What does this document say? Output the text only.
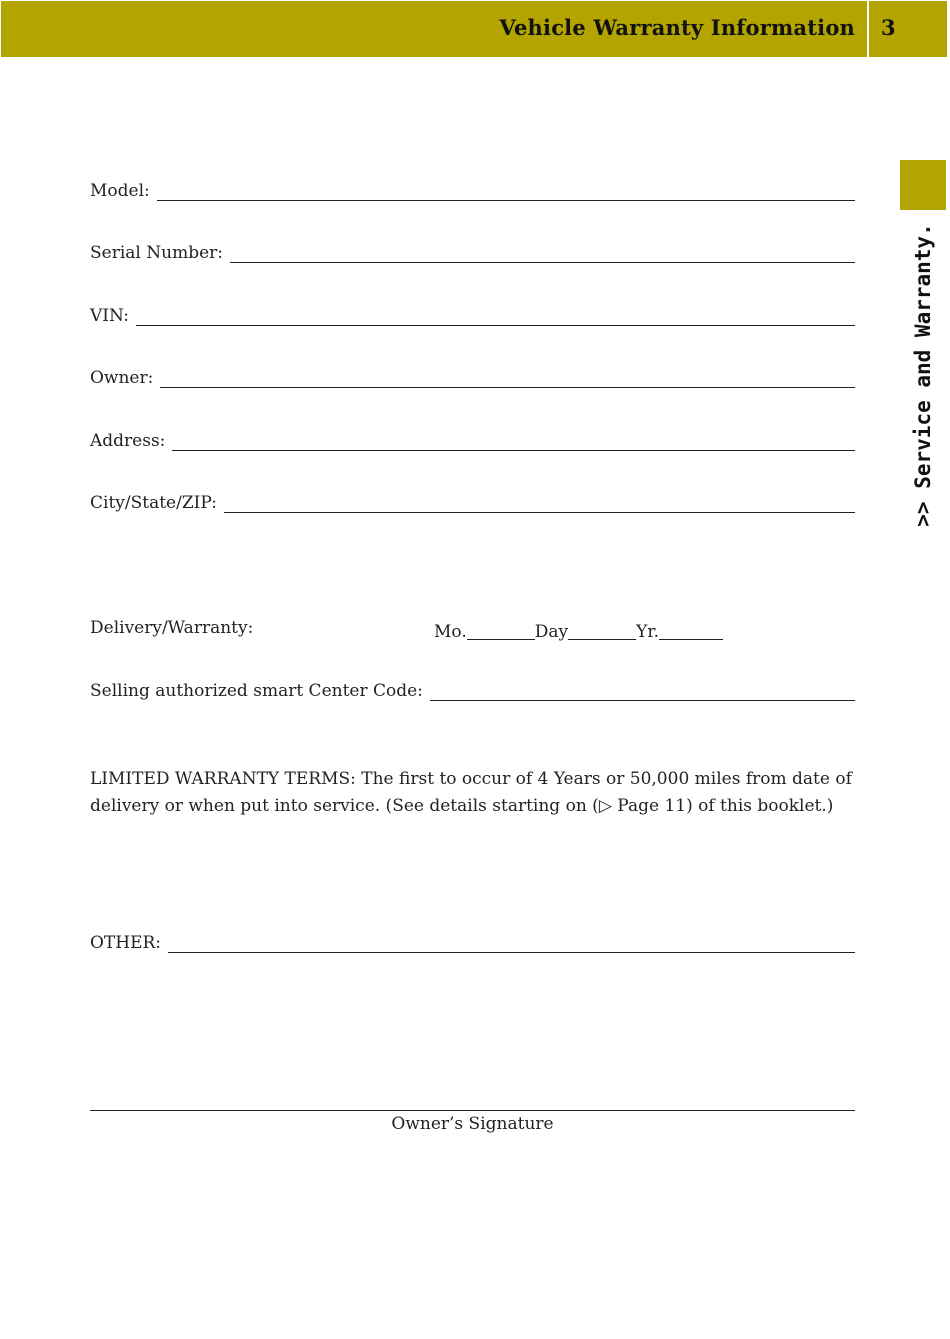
Vehicle Warranty Information 3
>> Service and Warranty.
Model:
Serial Number:
VIN:
Owner:
Address:
City/State/ZIP:
Delivery/Warranty:	Mo.	Day	Yr.
Selling authorized smart Center Code:
LIMITED WARRANTY TERMS: The first to occur of 4 Years or 50,000 miles from date of delivery or when put into service. (See details starting on (▷ Page 11) of this booklet.)
OTHER:
Owner’s Signature
